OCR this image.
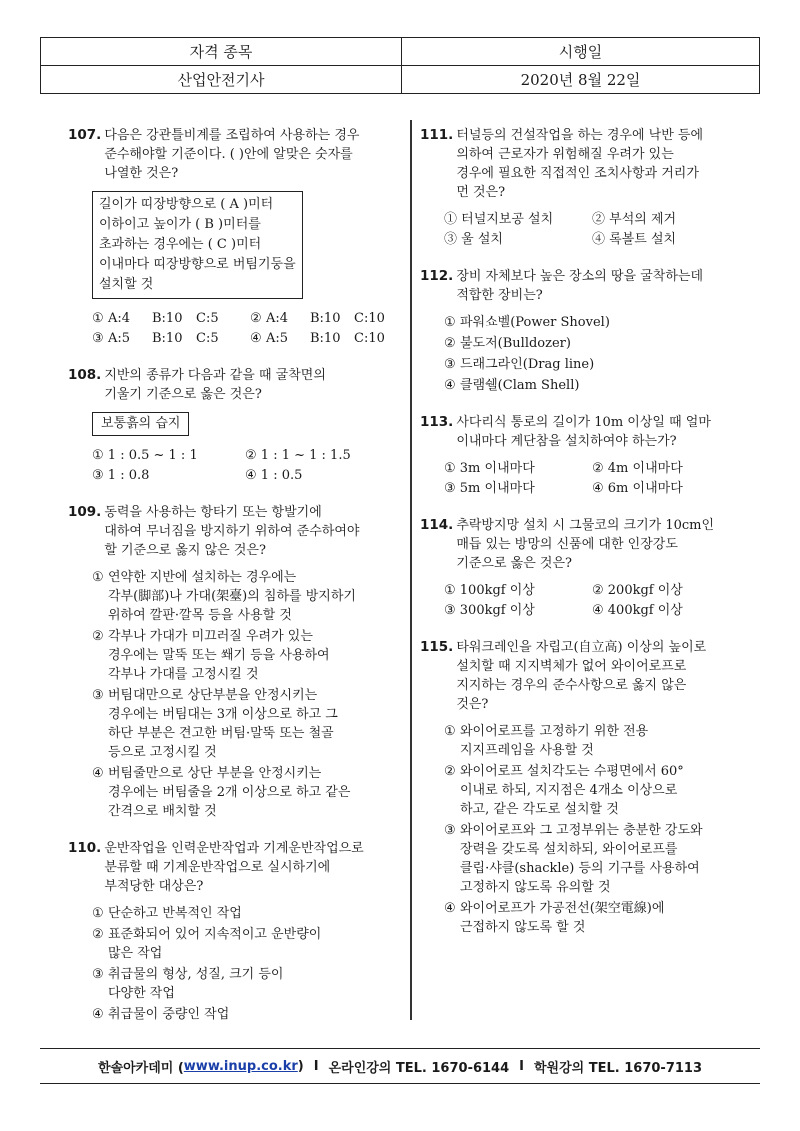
자격 종목	시행일
산업안전기사	2020년 8월 22일
107. 다음은 강관틀비계를 조립하여 사용하는 경우
준수해야할 기준이다. ( )안에 알맞은 숫자를
나열한 것은?
길이가 띠장방향으로 ( A )미터
이하이고 높이가 ( B )미터를
초과하는 경우에는 ( C )미터
이내마다 띠장방향으로 버팀기둥을
설치할 것
① A:4	B:10	C:5	② A:4	B:10	C:10
③ A:5	B:10	C:5	④ A:5	B:10	C:10
108. 지반의 종류가 다음과 같을 때 굴착면의
기울기 기준으로 옳은 것은?
보통흙의 습지
① 1 : 0.5 ~ 1 : 1	② 1 : 1 ~ 1 : 1.5
③ 1 : 0.8	④ 1 : 0.5
109. 동력을 사용하는 항타기 또는 항발기에
대하여 무너짐을 방지하기 위하여 준수하여야
할 기준으로 옳지 않은 것은?
① 연약한 지반에 설치하는 경우에는
각부(脚部)나 가대(架臺)의 침하를 방지하기
위하여 깔판·깔목 등을 사용할 것
② 각부나 가대가 미끄러질 우려가 있는
경우에는 말뚝 또는 쐐기 등을 사용하여
각부나 가대를 고정시킬 것
③ 버팀대만으로 상단부분을 안정시키는
경우에는 버팀대는 3개 이상으로 하고 그
하단 부분은 견고한 버팀·말뚝 또는 철골
등으로 고정시킬 것
④ 버팀줄만으로 상단 부분을 안정시키는
경우에는 버팀줄을 2개 이상으로 하고 같은
간격으로 배치할 것
110. 운반작업을 인력운반작업과 기계운반작업으로
분류할 때 기계운반작업으로 실시하기에
부적당한 대상은?
① 단순하고 반복적인 작업
② 표준화되어 있어 지속적이고 운반량이
많은 작업
③ 취급물의 형상, 성질, 크기 등이
다양한 작업
④ 취급물이 중량인 작업
111. 터널등의 건설작업을 하는 경우에 낙반 등에
의하여 근로자가 위험해질 우려가 있는
경우에 필요한 직접적인 조치사항과 거리가
먼 것은?
① 터널지보공 설치	② 부석의 제거
③ 울 설치	④ 록볼트 설치
112. 장비 자체보다 높은 장소의 땅을 굴착하는데
적합한 장비는?
① 파워쇼벨(Power Shovel)
② 불도저(Bulldozer)
③ 드래그라인(Drag line)
④ 클램쉘(Clam Shell)
113. 사다리식 통로의 길이가 10m 이상일 때 얼마
이내마다 계단참을 설치하여야 하는가?
① 3m 이내마다	② 4m 이내마다
③ 5m 이내마다	④ 6m 이내마다
114. 추락방지망 설치 시 그물코의 크기가 10cm인
매듭 있는 방망의 신품에 대한 인장강도
기준으로 옳은 것은?
① 100kgf 이상	② 200kgf 이상
③ 300kgf 이상	④ 400kgf 이상
115. 타워크레인을 자립고(自立高) 이상의 높이로
설치할 때 지지벽체가 없어 와이어로프로
지지하는 경우의 준수사항으로 옳지 않은
것은?
① 와이어로프를 고정하기 위한 전용
지지프레임을 사용할 것
② 와이어로프 설치각도는 수평면에서 60°
이내로 하되, 지지점은 4개소 이상으로
하고, 같은 각도로 설치할 것
③ 와이어로프와 그 고정부위는 충분한 강도와
장력을 갖도록 설치하되, 와이어로프를
클립·샤클(shackle) 등의 기구를 사용하여
고정하지 않도록 유의할 것
④ 와이어로프가 가공전선(架空電線)에
근접하지 않도록 할 것
한솔아카데미 ( www.inup.co.kr ) I 온라인강의 TEL. 1670-6144 I 학원강의 TEL. 1670-7113
